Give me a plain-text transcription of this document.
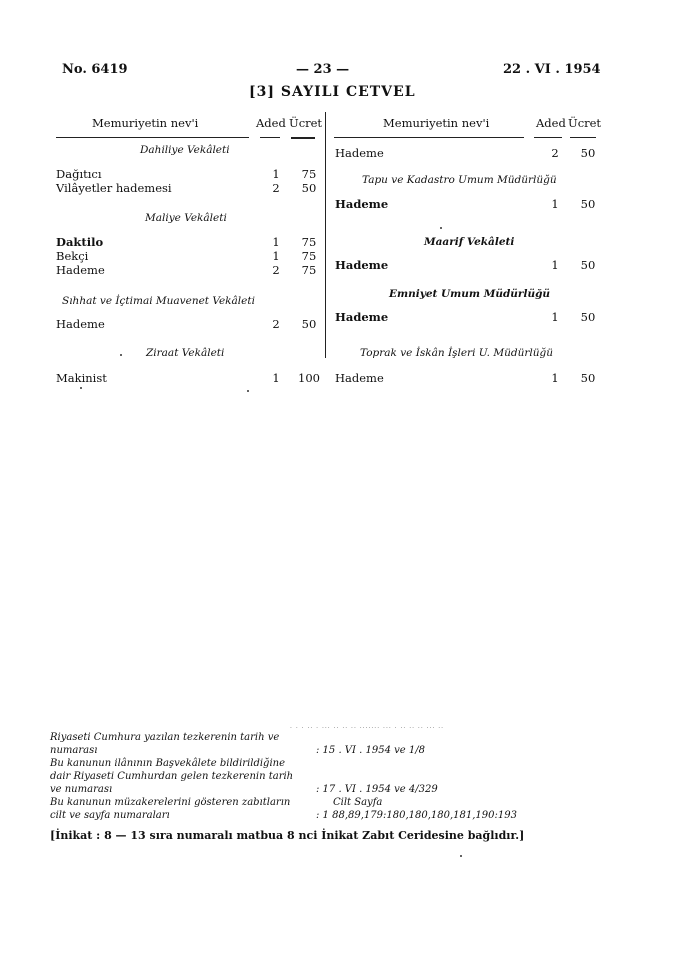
No. 6419	— 23 —	22 . VI . 1954
[3] SAYILI CETVEL
Memuriyetin nev'i	Aded Ücret	Memuriyetin nev'i	Aded Ücret
Dahiliye Vekâleti
Dağıtıcı	1	75
Vilâyetler hademesi	2	50
Maliye Vekâleti
Daktilo	1	75
Bekçi	1	75
Hademe	2	75
Sıhhat ve İçtimai Muavenet Vekâleti
Hademe	2	50
Ziraat Vekâleti
Makinist	1	100
Hademe	2	50
Tapu ve Kadastro Umum Müdürlüğü
Hademe	1	50
Maarif Vekâleti
Hademe	1	50
Emniyet Umum Müdürlüğü
Hademe	1	50
Toprak ve İskân İşleri U. Müdürlüğü
Hademe	1	50
· · · ·· · ··· ·· ·· ·· ······· ··· · ·· ·· ·· ··· ··
Riyaseti Cumhura yazılan tezkerenin tarih ve
numarası	: 15 . VI . 1954 ve 1/8
Bu kanunun ilânının Başvekâlete bildirildiğine
dair Riyaseti Cumhurdan gelen tezkerenin tarih
ve numarası	: 17 . VI . 1954 ve 4/329
Bu kanunun müzakerelerini gösteren zabıtların	Cilt Sayfa
cilt ve sayfa numaraları	: 1 88,89,179:180,180,180,181,190:193
[İnikat : 8 — 13 sıra numaralı matbua 8 nci İnikat Zabıt Ceridesine bağlıdır.]
